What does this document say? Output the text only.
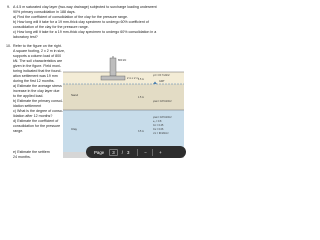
9. A 4.5 m saturated clay layer (two-way drainage) subjected to surcharge loading underwent
90% primary consolidation in 188 days.
a) Find the coefficient of consolidation of the clay for the pressure range.
b) How long will it take for a 19 mm-thick clay specimen to undergo 60% coefficient of
consolidation of the clay for the pressure range.
c) How long will it take for a 19 mm-thick clay specimen to undergo 60% consolidation in a
laboratory test?
10. Refer to the figure on the right.
A square footing, 2 x 2 m in size,
supports a column load of 800
kN. The soil characteristics are
given in the figure. Field moni-
toring indicated that the found-
ation settlement was 19 mm
during the first 12 months.
a) Estimate the average stress
increase in the clay layer due
to the applied load.
b) Estimate the primary consol-
idation settlement
c) What is the degree of conso-
lidation after 12 months?
d) Estimate the coefficient of
consolidation for the pressure
range.
e) Estimate the settlem
24 months.
800 kN
2 m x 2 m
Sand
γd = 15.7 kN/m³
γsat = 18.5 kN/m³
GWT
Clay
γsat = 18.5 kN/m³
e₀ = 0.8
Cc = 0.25
Cs = 0.06
σ'c = 90 kN/m²
1.5 m
1.5 m
3.5 m
Page	3	/ 3	−	+
